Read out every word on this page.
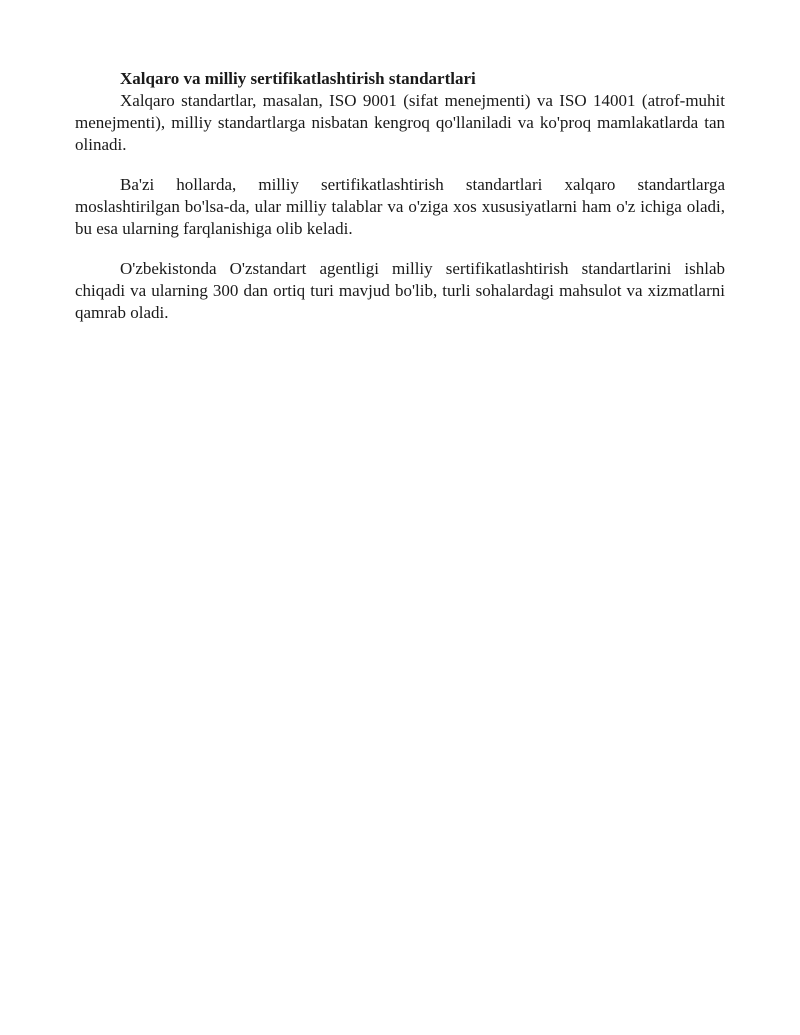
Xalqaro va milliy sertifikatlashtirish standartlari

Xalqaro standartlar, masalan, ISO 9001 (sifat menejmenti) va ISO 14001 (atrof-muhit menejmenti), milliy standartlarga nisbatan kengroq qo'llaniladi va ko'proq mamlakatlarda tan olinadi.

Ba'zi hollarda, milliy sertifikatlashtirish standartlari xalqaro standartlarga moslashtirilgan bo'lsa-da, ular milliy talablar va o'ziga xos xususiyatlarni ham o'z ichiga oladi, bu esa ularning farqlanishiga olib keladi.

O'zbekistonda O'zstandart agentligi milliy sertifikatlashtirish standartlarini ishlab chiqadi va ularning 300 dan ortiq turi mavjud bo'lib, turli sohalardagi mahsulot va xizmatlarni qamrab oladi.
